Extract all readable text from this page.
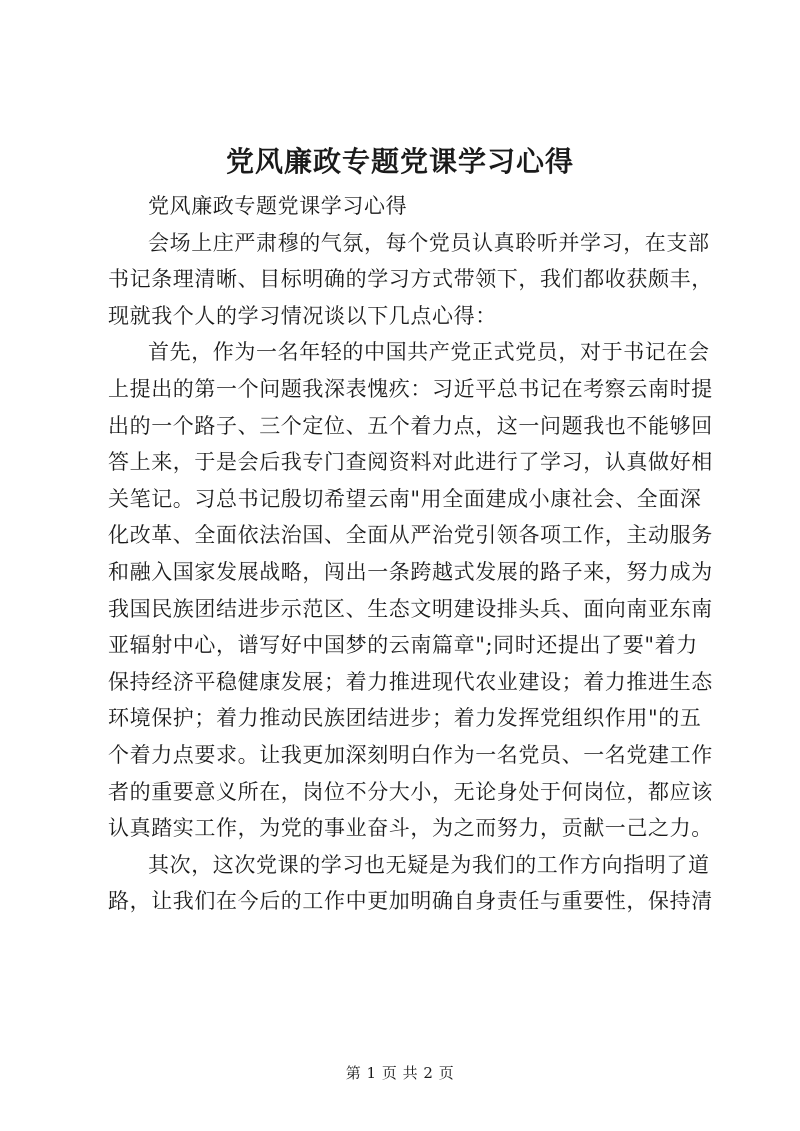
党风廉政专题党课学习心得
党风廉政专题党课学习心得
会场上庄严肃穆的气氛，每个党员认真聆听并学习，在支部
书记条理清晰、目标明确的学习方式带领下，我们都收获颇丰，
现就我个人的学习情况谈以下几点心得：
首先，作为一名年轻的中国共产党正式党员，对于书记在会
上提出的第一个问题我深表愧疚：习近平总书记在考察云南时提
出的一个路子、三个定位、五个着力点，这一问题我也不能够回
答上来，于是会后我专门查阅资料对此进行了学习，认真做好相
关笔记。习总书记殷切希望云南"用全面建成小康社会、全面深
化改革、全面依法治国、全面从严治党引领各项工作，主动服务
和融入国家发展战略，闯出一条跨越式发展的路子来，努力成为
我国民族团结进步示范区、生态文明建设排头兵、面向南亚东南
亚辐射中心，谱写好中国梦的云南篇章";同时还提出了要"着力
保持经济平稳健康发展；着力推进现代农业建设；着力推进生态
环境保护；着力推动民族团结进步；着力发挥党组织作用"的五
个着力点要求。让我更加深刻明白作为一名党员、一名党建工作
者的重要意义所在，岗位不分大小，无论身处于何岗位，都应该
认真踏实工作，为党的事业奋斗，为之而努力，贡献一己之力。
其次，这次党课的学习也无疑是为我们的工作方向指明了道
路，让我们在今后的工作中更加明确自身责任与重要性，保持清
第 1 页 共 2 页
